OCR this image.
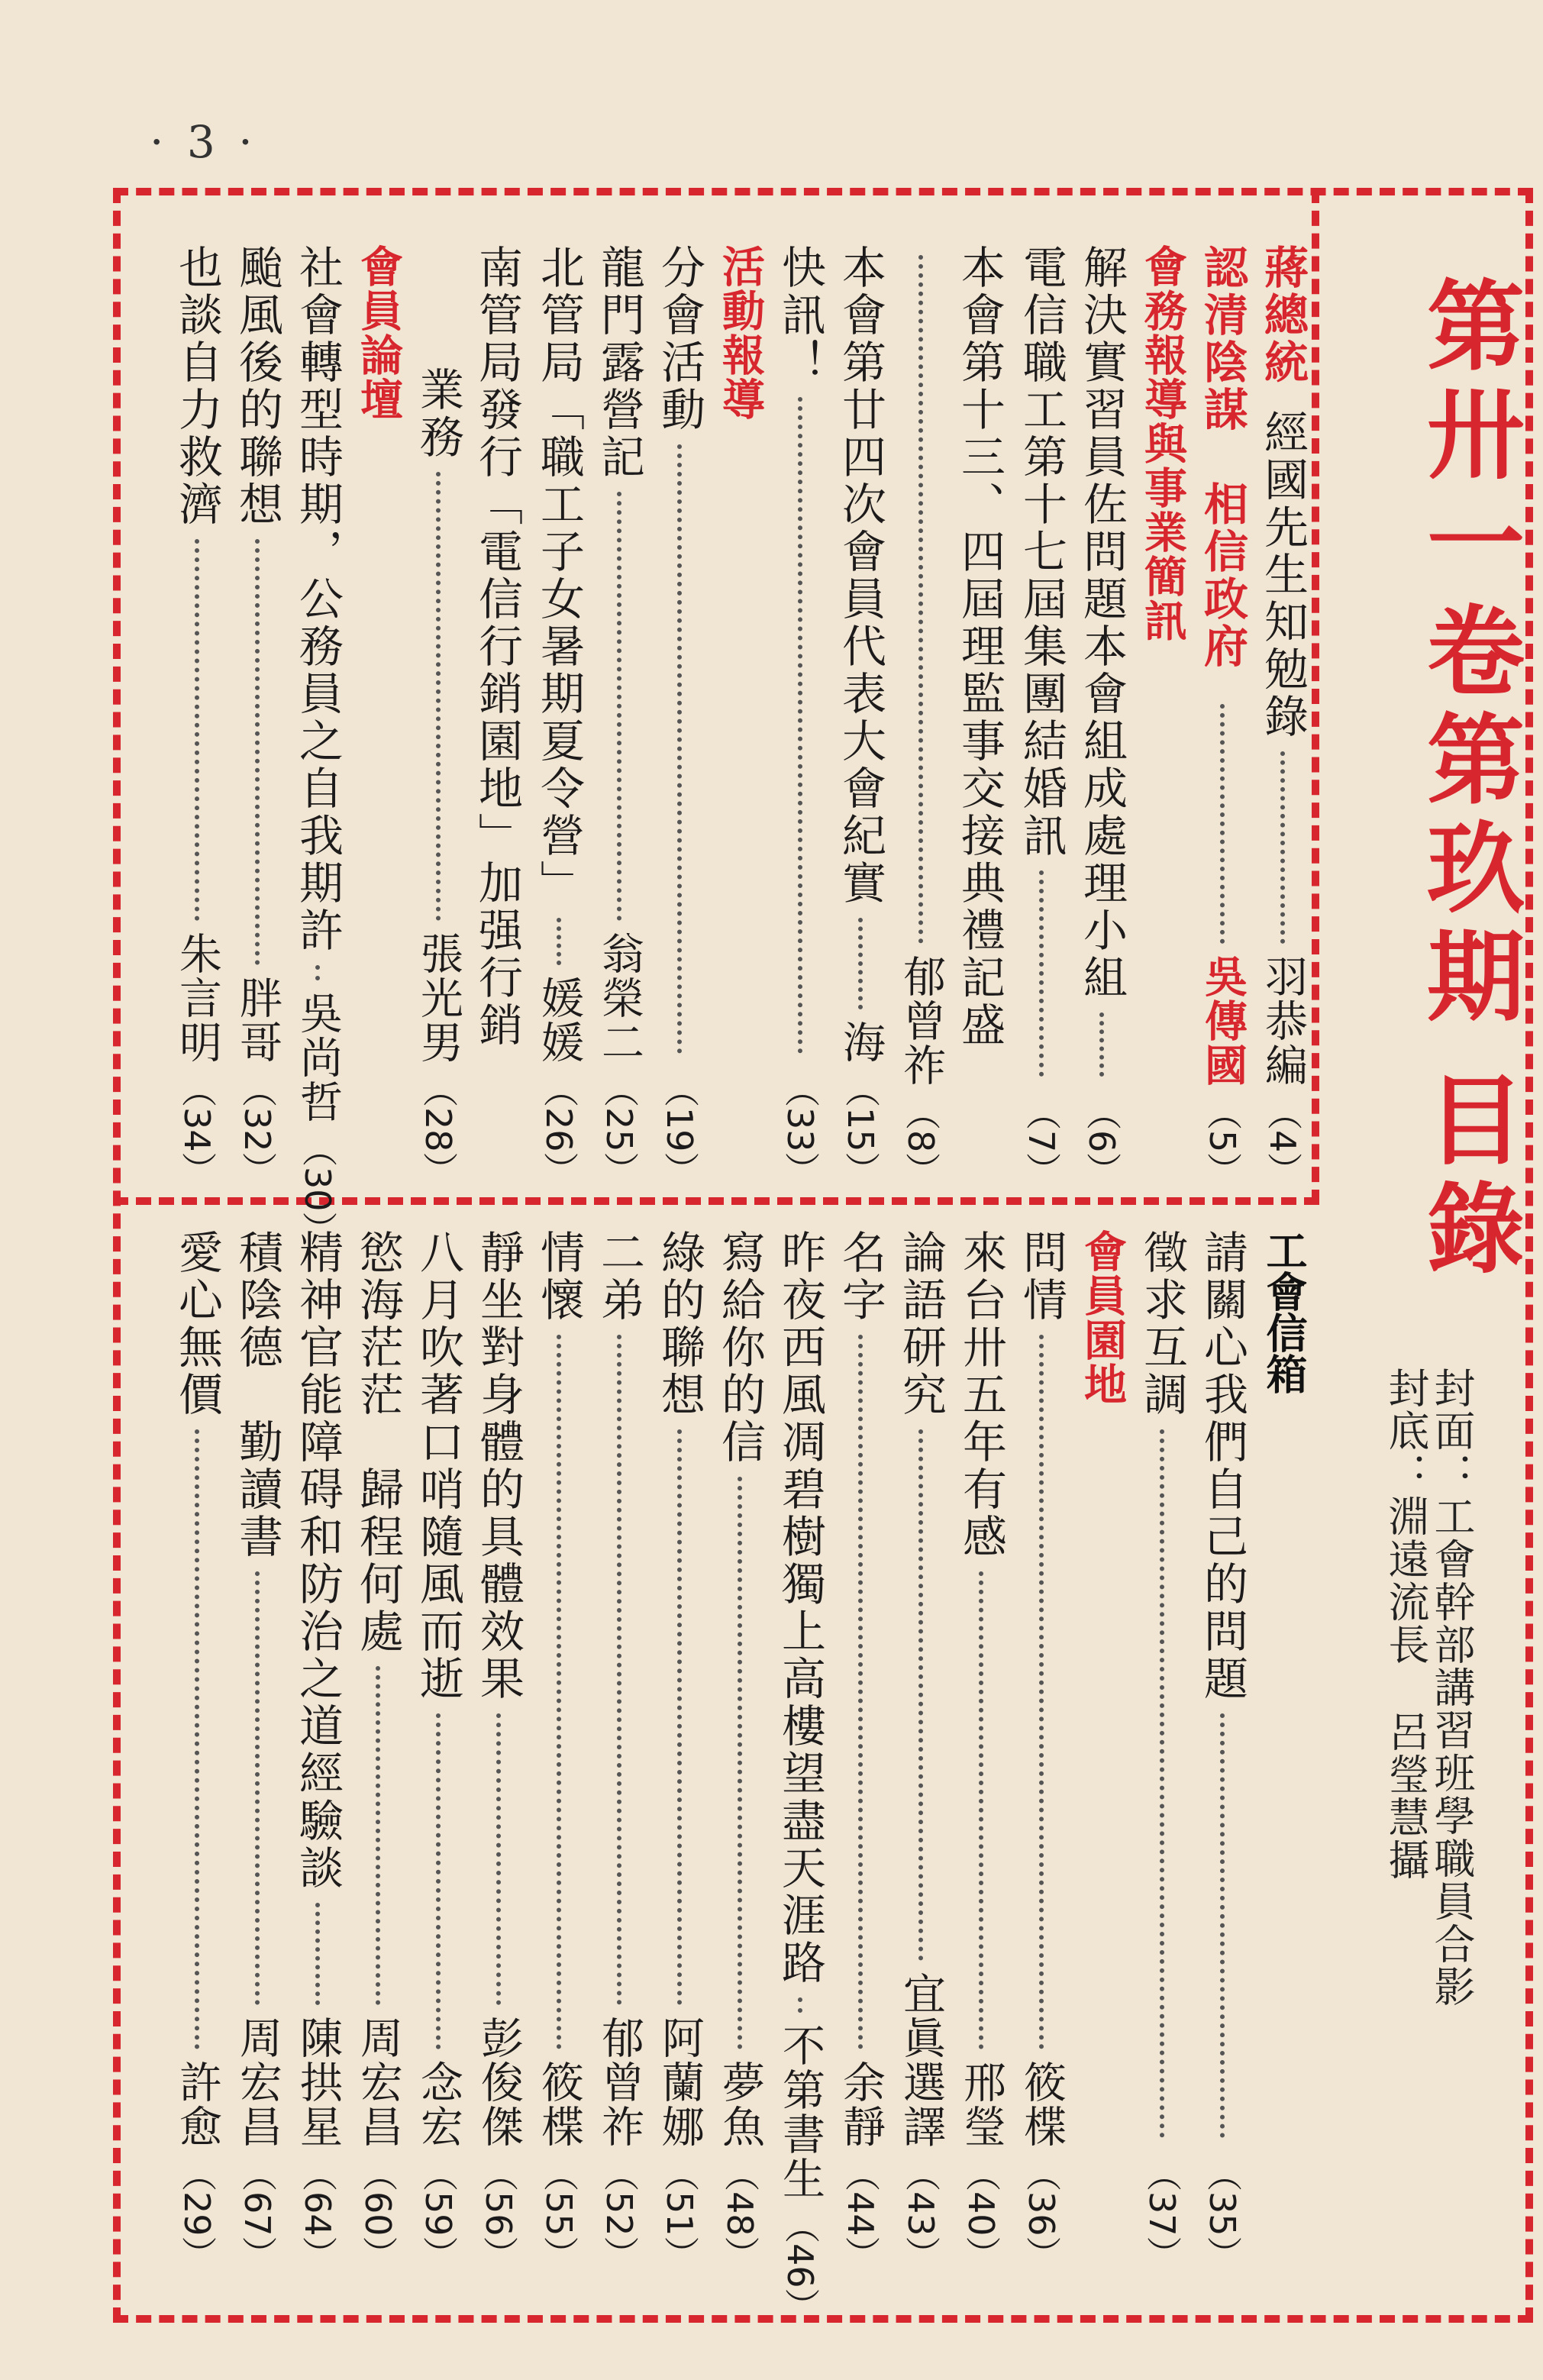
· 3 ·
第卅一卷第玖期
目錄
封面：工會幹部講習班學職員合影
封底：淵遠流長
呂瑩慧攝
蔣總統
經國先生知勉錄
羽恭編
（4）
認清陰謀　相信政府
吳傳國
（5）
會務報導與事業簡訊
解決實習員佐問題本會組成處理小組
（6）
電信職工第十七屆集團結婚訊
（7）
本會第十三、四屆理監事交接典禮記盛
郁曾祚
（8）
本會第廿四次會員代表大會紀實
海
（15）
快訊！
（33）
活動報導
分會活動
（19）
龍門露營記
翁榮二
（25）
北管局「職工子女暑期夏令營」
媛媛
（26）
南管局發行「電信行銷園地」加强行銷
業務
張光男
（28）
會員論壇
社會轉型時期，公務員之自我期許
吳尚哲
（30）
颱風後的聯想
胖哥
（32）
也談自力救濟
朱言明
（34）
工會信箱
請關心我們自己的問題
（35）
徵求互調
（37）
會員園地
問情
筱楪
（36）
來台卅五年有感
邢瑩
（40）
論語研究
宜眞選譯
（43）
名字
余靜
（44）
昨夜西風凋碧樹獨上高樓望盡天涯路
不第書生
（46）
寫給你的信
夢魚
（48）
綠的聯想
阿蘭娜
（51）
二弟
郁曾祚
（52）
情懷
筱楪
（55）
靜坐對身體的具體效果
彭俊傑
（56）
八月吹著口哨隨風而逝
念宏
（59）
慾海茫茫　歸程何處
周宏昌
（60）
精神官能障碍和防治之道經驗談
陳拱星
（64）
積陰德　勤讀書
周宏昌
（67）
愛心無價
許愈
（29）
